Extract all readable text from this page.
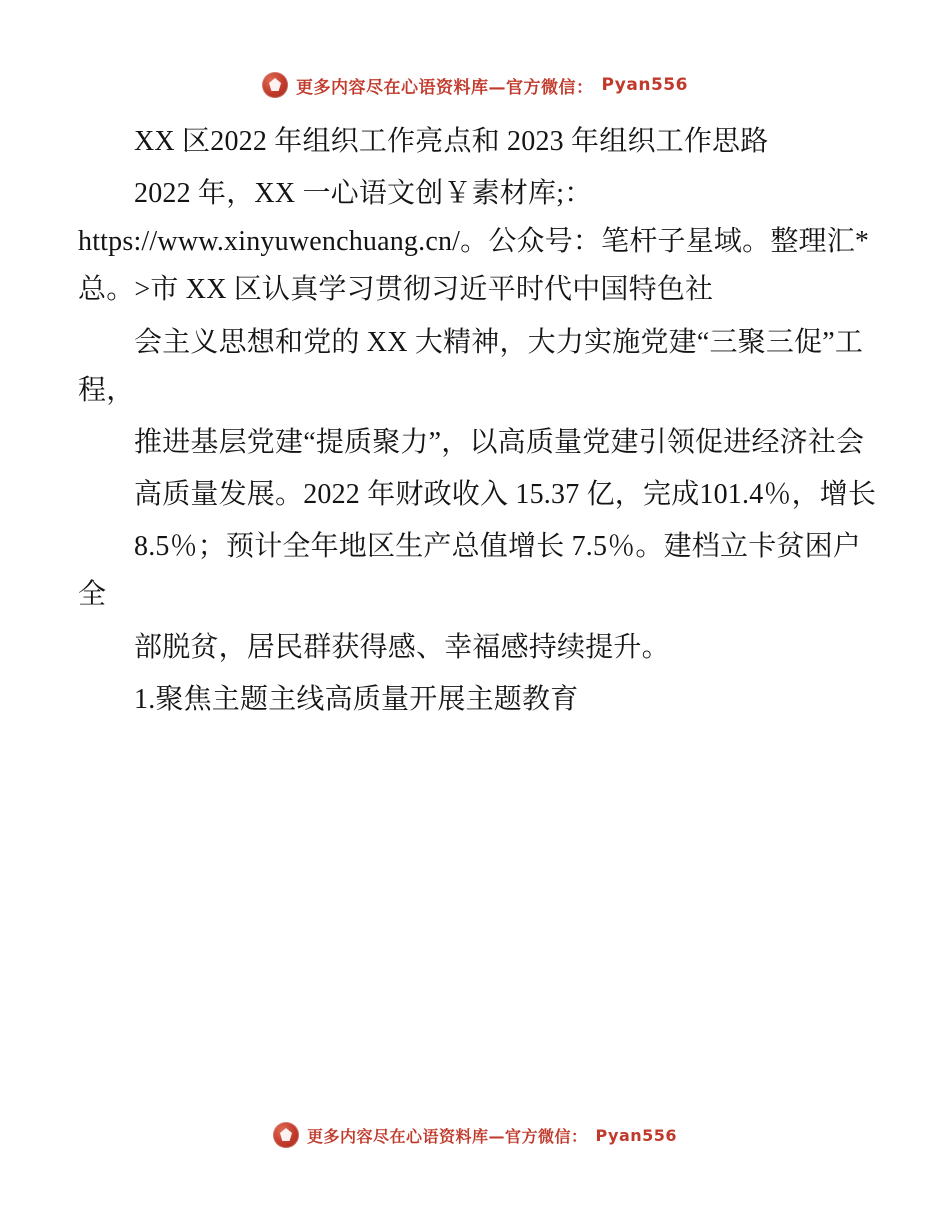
更多内容尽在心语资料库—官方微信： Pyan556

XX 区2022 年组织工作亮点和 2023 年组织工作思路

2022 年，XX 一心语文创￥素材库;：https://www.xinyuwenchuang.cn/。公众号：笔杆子星域。整理汇*总。>市 XX 区认真学习贯彻习近平时代中国特色社

会主义思想和党的 XX 大精神，大力实施党建“三聚三促”工程，

推进基层党建“提质聚力”，以高质量党建引领促进经济社会

高质量发展。2022 年财政收入 15.37 亿，完成101.4％，增长

8.5％；预计全年地区生产总值增长 7.5％。建档立卡贫困户全

部脱贫，居民群获得感、幸福感持续提升。

1.聚焦主题主线高质量开展主题教育

更多内容尽在心语资料库—官方微信： Pyan556
